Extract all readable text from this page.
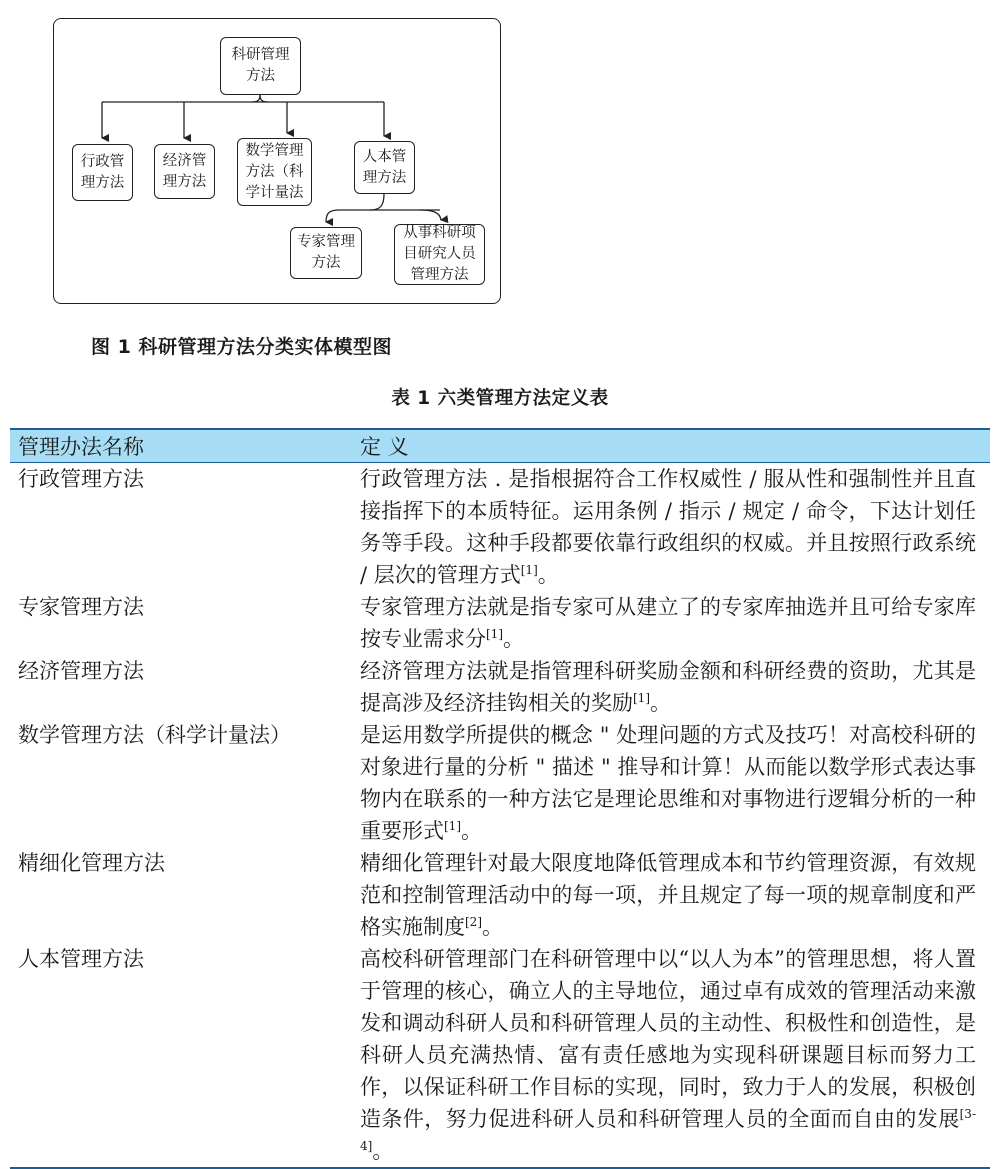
科研管理
方法
行政管
理方法
经济管
理方法
数学管理
方法（科
学计量法
人本管
理方法
专家管理
方法
从事科研项
目研究人员
管理方法
图 1 科研管理方法分类实体模型图
表 1 六类管理方法定义表
管理办法名称	定 义
行政管理方法	行政管理方法 . 是指根据符合工作权威性 / 服从性和强制性并且直接指挥下的本质特征。运用条例 / 指示 / 规定 / 命令，下达计划任务等手段。这种手段都要依靠行政组织的权威。并且按照行政系统 / 层次的管理方式[1]。
专家管理方法	专家管理方法就是指专家可从建立了的专家库抽选并且可给专家库按专业需求分[1]。
经济管理方法	经济管理方法就是指管理科研奖励金额和科研经费的资助，尤其是提高涉及经济挂钩相关的奖励[1]。
数学管理方法（科学计量法）	是运用数学所提供的概念 " 处理问题的方式及技巧！对高校科研的对象进行量的分析 " 描述 " 推导和计算！从而能以数学形式表达事物内在联系的一种方法它是理论思维和对事物进行逻辑分析的一种重要形式[1]。
精细化管理方法	精细化管理针对最大限度地降低管理成本和节约管理资源，有效规范和控制管理活动中的每一项，并且规定了每一项的规章制度和严格实施制度[2]。
人本管理方法	高校科研管理部门在科研管理中以“以人为本”的管理思想，将人置于管理的核心，确立人的主导地位，通过卓有成效的管理活动来激发和调动科研人员和科研管理人员的主动性、积极性和创造性，是科研人员充满热情、富有责任感地为实现科研课题目标而努力工作，以保证科研工作目标的实现，同时，致力于人的发展，积极创造条件，努力促进科研人员和科研管理人员的全面而自由的发展[3-4]。
